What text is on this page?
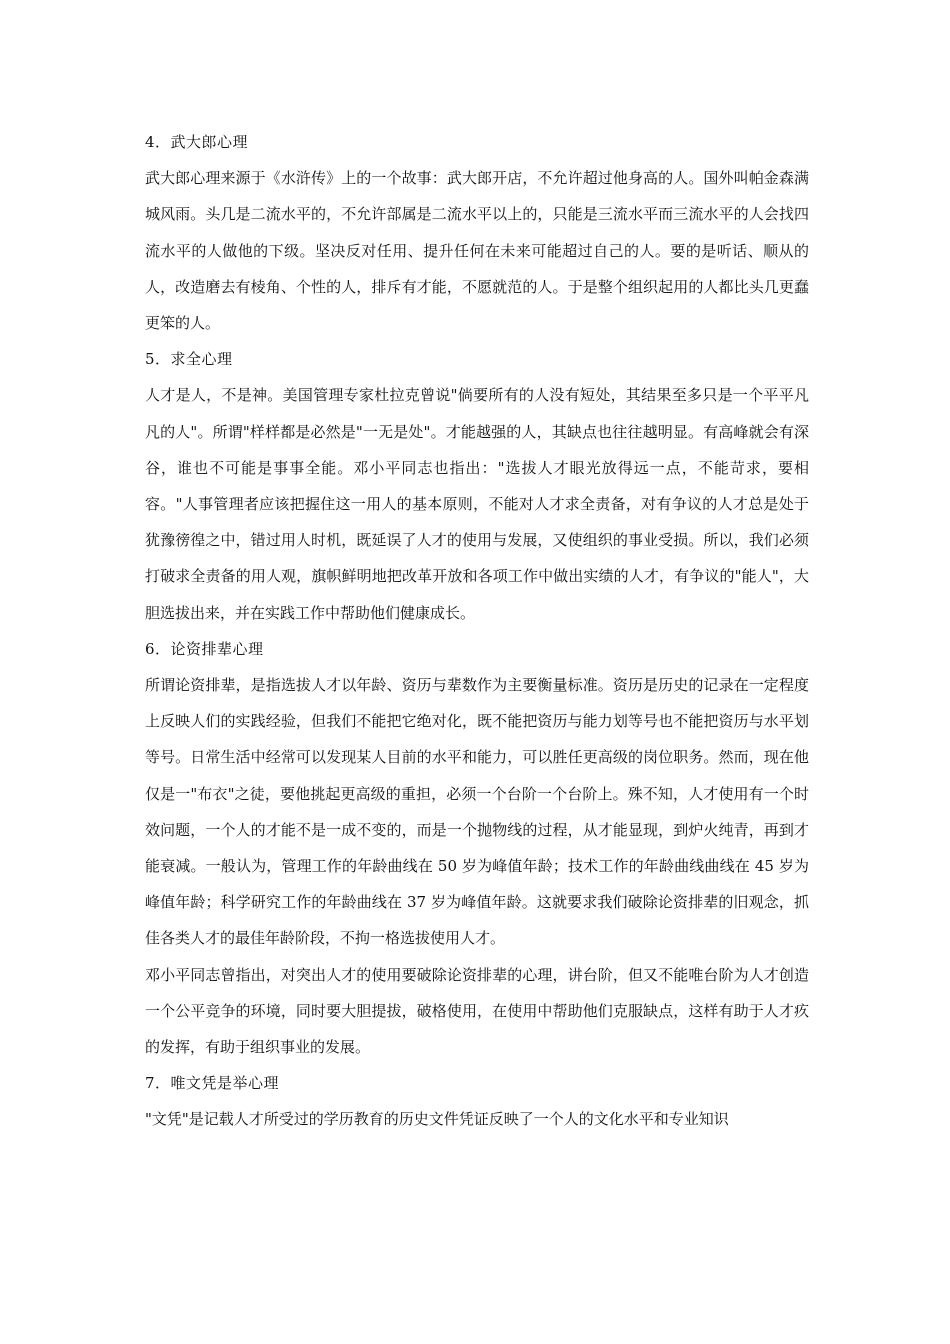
4．武大郎心理

武大郎心理来源于《水浒传》上的一个故事：武大郎开店，不允许超过他身高的人。国外叫帕金森满城风雨。头几是二流水平的，不允许部属是二流水平以上的，只能是三流水平而三流水平的人会找四流水平的人做他的下级。坚决反对任用、提升任何在未来可能超过自己的人。要的是听话、顺从的人，改造磨去有棱角、个性的人，排斥有才能，不愿就范的人。于是整个组织起用的人都比头几更蠢更笨的人。

5．求全心理

人才是人，不是神。美国管理专家杜拉克曾说"倘要所有的人没有短处，其结果至多只是一个平平凡凡的人"。所谓"样样都是必然是"一无是处"。才能越强的人，其缺点也往往越明显。有高峰就会有深谷，谁也不可能是事事全能。邓小平同志也指出："选拔人才眼光放得远一点，不能苛求，要相容。"人事管理者应该把握住这一用人的基本原则，不能对人才求全责备，对有争议的人才总是处于犹豫徬徨之中，错过用人时机，既延误了人才的使用与发展，又使组织的事业受损。所以，我们必须打破求全责备的用人观，旗帜鲜明地把改革开放和各项工作中做出实绩的人才，有争议的"能人"，大胆选拔出来，并在实践工作中帮助他们健康成长。

6．论资排辈心理

所谓论资排辈，是指选拔人才以年龄、资历与辈数作为主要衡量标准。资历是历史的记录在一定程度上反映人们的实践经验，但我们不能把它绝对化，既不能把资历与能力划等号也不能把资历与水平划等号。日常生活中经常可以发现某人目前的水平和能力，可以胜任更高级的岗位职务。然而，现在他仅是一"布衣"之徒，要他挑起更高级的重担，必须一个台阶一个台阶上。殊不知，人才使用有一个时效问题，一个人的才能不是一成不变的，而是一个抛物线的过程，从才能显现，到炉火纯青，再到才能衰减。一般认为，管理工作的年龄曲线在 50 岁为峰值年龄；技术工作的年龄曲线曲线在 45 岁为峰值年龄；科学研究工作的年龄曲线在 37 岁为峰值年龄。这就要求我们破除论资排辈的旧观念，抓佳各类人才的最佳年龄阶段，不拘一格选拔使用人才。

邓小平同志曾指出，对突出人才的使用要破除论资排辈的心理，讲台阶，但又不能唯台阶为人才创造一个公平竞争的环境，同时要大胆提拔，破格使用，在使用中帮助他们克服缺点，这样有助于人才疚的发挥，有助于组织事业的发展。

7．唯文凭是举心理

"文凭"是记载人才所受过的学历教育的历史文件凭证反映了一个人的文化水平和专业知识
